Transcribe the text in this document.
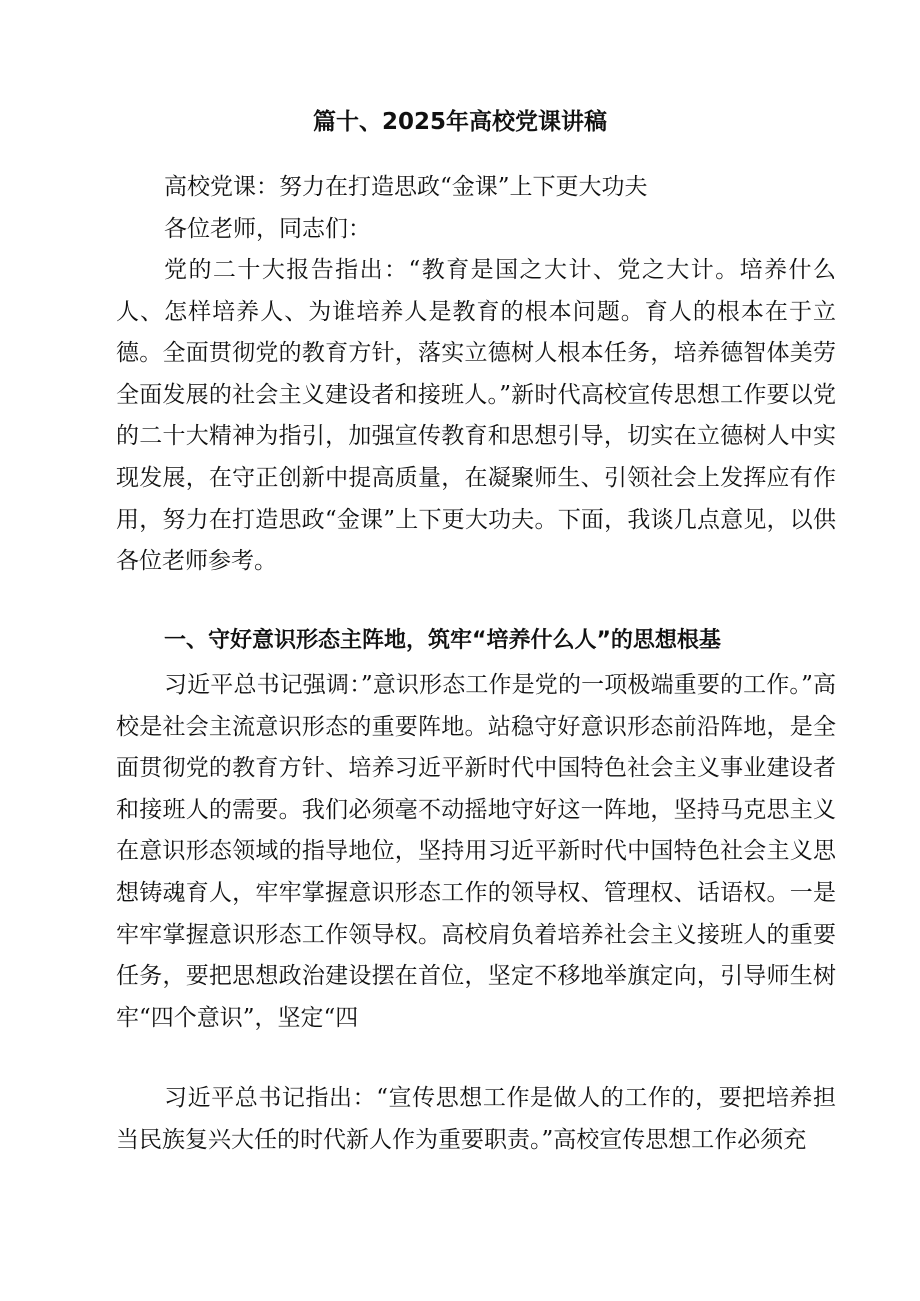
篇十、2025年高校党课讲稿

高校党课：努力在打造思政“金课”上下更大功夫

各位老师，同志们：

党的二十大报告指出：“教育是国之大计、党之大计。培养什么人、怎样培养人、为谁培养人是教育的根本问题。育人的根本在于立德。全面贯彻党的教育方针，落实立德树人根本任务，培养德智体美劳全面发展的社会主义建设者和接班人。”新时代高校宣传思想工作要以党的二十大精神为指引，加强宣传教育和思想引导，切实在立德树人中实现发展，在守正创新中提高质量，在凝聚师生、引领社会上发挥应有作用，努力在打造思政“金课”上下更大功夫。下面，我谈几点意见，以供各位老师参考。

一、守好意识形态主阵地，筑牢“培养什么人”的思想根基

习近平总书记强调：”意识形态工作是党的一项极端重要的工作。”高校是社会主流意识形态的重要阵地。站稳守好意识形态前沿阵地，是全面贯彻党的教育方针、培养习近平新时代中国特色社会主义事业建设者和接班人的需要。我们必须毫不动摇地守好这一阵地，坚持马克思主义在意识形态领域的指导地位，坚持用习近平新时代中国特色社会主义思想铸魂育人，牢牢掌握意识形态工作的领导权、管理权、话语权。一是牢牢掌握意识形态工作领导权。高校肩负着培养社会主义接班人的重要任务，要把思想政治建设摆在首位，坚定不移地举旗定向，引导师生树牢“四个意识”，坚定“四

习近平总书记指出：“宣传思想工作是做人的工作的，要把培养担当民族复兴大任的时代新人作为重要职责。”高校宣传思想工作必须充
